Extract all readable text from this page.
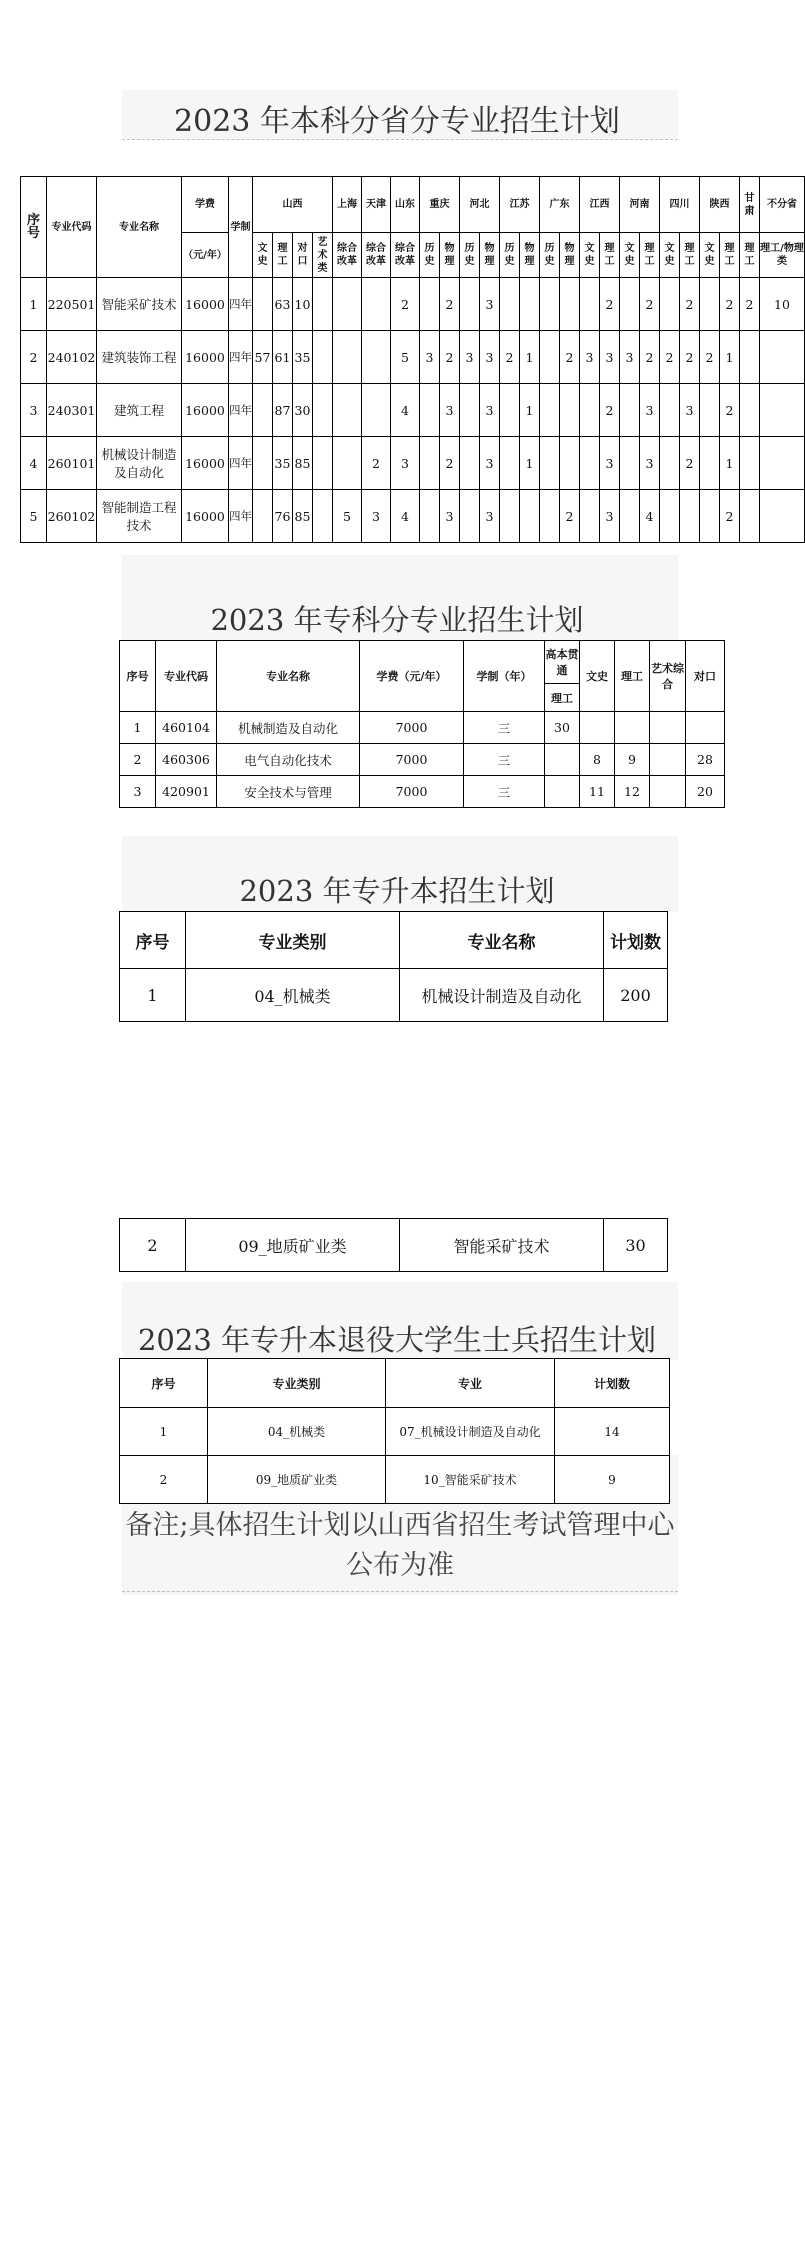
2023 年本科分省分专业招生计划
序号	专业代码	专业名称	学费	学制	山西				上海	天津	山东	重庆		河北		江苏		广东		江西		河南		四川		陕西		甘肃	不分省
			（元/年）		文史	理工	对口	艺术类	综合改革	综合改革	综合改革	历史	物理	历史	物理	历史	物理	历史	物理	文史	理工	文史	理工	文史	理工	文史	理工	理工	理工/物理类
1	220501	智能采矿技术	16000	四年		63	10				2		2		3						2		2		2		2	2	10
2	240102	建筑装饰工程	16000	四年	57	61	35				5	3	2	3	3	2	1		2	3	3	3	2	2	2	2	1		
3	240301	建筑工程	16000	四年		87	30				4		3		3		1				2		3		3		2		
4	260101	机械设计制造及自动化	16000	四年		35	85			2	3		2		3		1				3		3		2		1		
5	260102	智能制造工程技术	16000	四年		76	85		5	3	4		3		3				2		3		4				2		
2023 年专科分专业招生计划
序号	专业代码	专业名称	学费（元/年）	学制（年）	高本贯通	文史	理工	艺术综合	对口
					理工				
1	460104	机械制造及自动化	7000	三	30				
2	460306	电气自动化技术	7000	三		8	9		28
3	420901	安全技术与管理	7000	三		11	12		20
2023 年专升本招生计划
序号	专业类别	专业名称	计划数
1	04_机械类	机械设计制造及自动化	200
2	09_地质矿业类	智能采矿技术	30
2023 年专升本退役大学生士兵招生计划
序号	专业类别	专业	计划数
1	04_机械类	07_机械设计制造及自动化	14
2	09_地质矿业类	10_智能采矿技术	9
备注;具体招生计划以山西省招生考试管理中心公布为准
